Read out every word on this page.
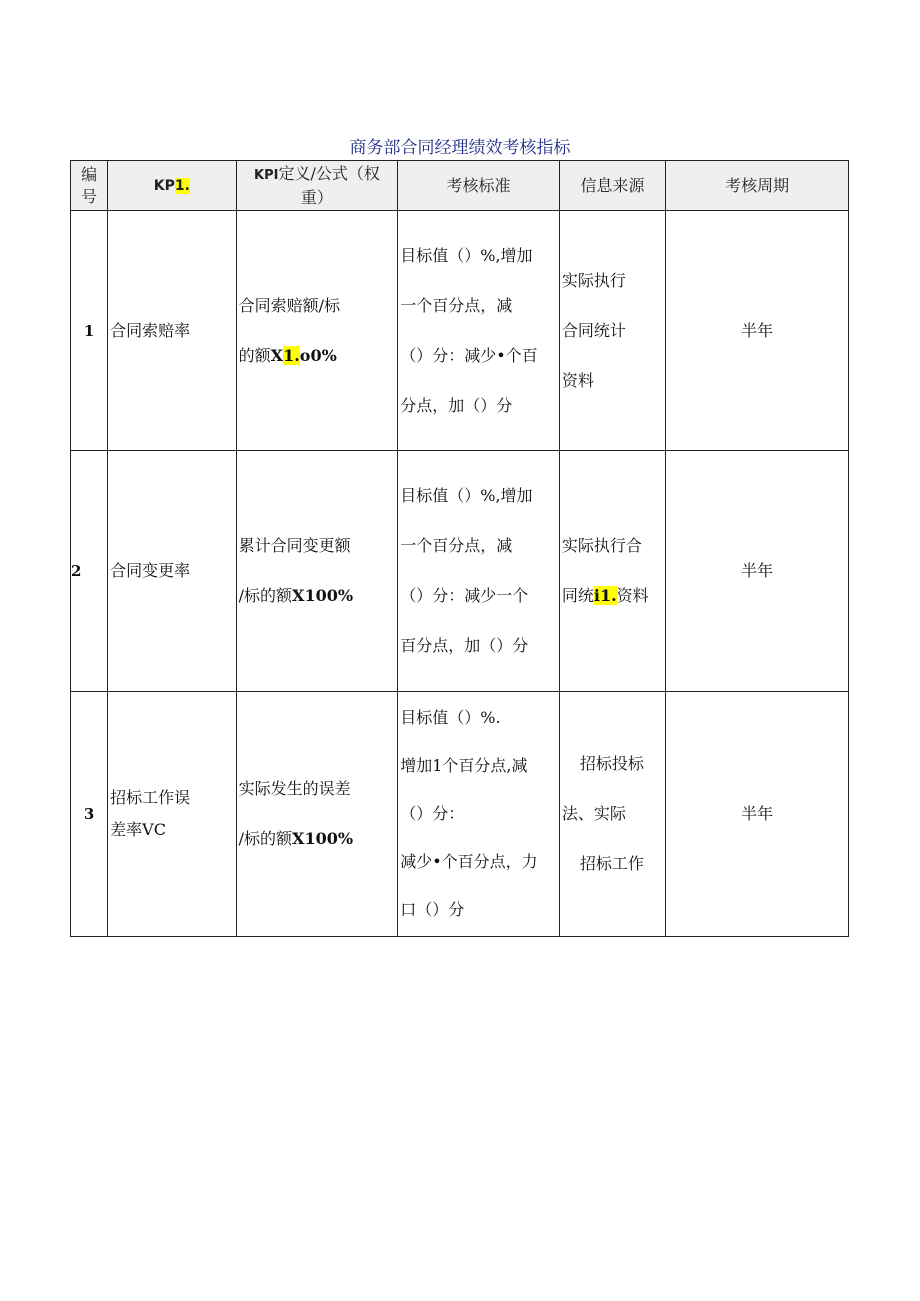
商务部合同经理绩效考核指标
编
号	KP1.	KPI定义/公式（权
重）	考核标准	信息来源	考核周期
1	合同索赔率	合同索赔额/标
的额X1.o0%	目标值（）%,增加
一个百分点，减
（）分：减少•个百
分点，加（）分	实际执行
合同统计
资料	半年
2	合同变更率	累计合同变更额
/标的额X100%	目标值（）%,增加
一个百分点，减
（）分：减少一个
百分点，加（）分	实际执行合
同统i1.资料	半年
3	招标工作误
差率VC	实际发生的误差
/标的额X100%	目标值（）%.
增加1个百分点,减
（）分：
减少•个百分点，力
口（）分	招标投标
法、实际
招标工作	半年
